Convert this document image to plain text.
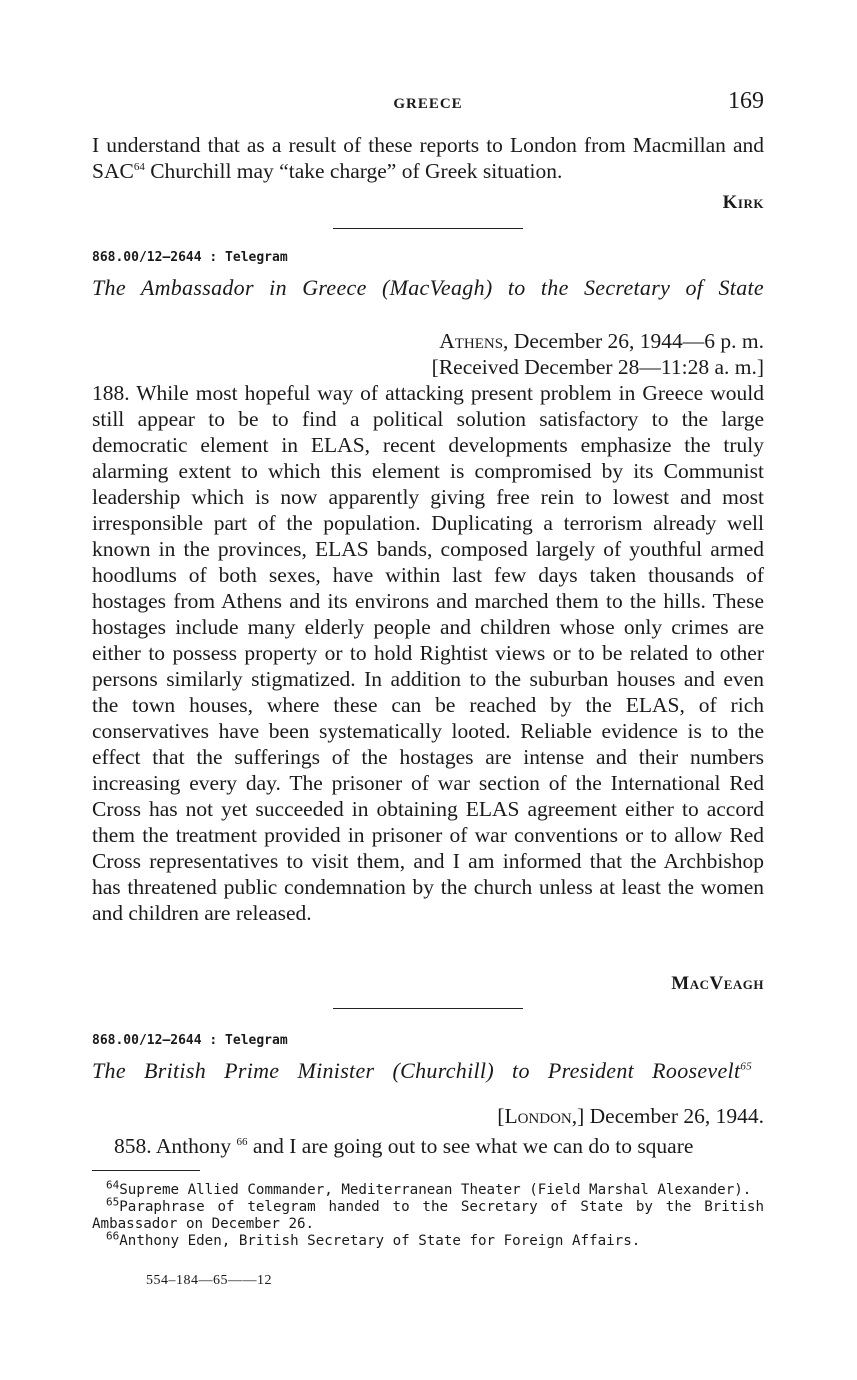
GREECE	169

I understand that as a result of these reports to London from Macmillan and SAC$^{64}$ Churchill may “take charge” of Greek situation.

Kirk
868.00/12–2644 : Telegram
The Ambassador in Greece (MacVeagh) to the Secretary of State
Athens, December 26, 1944—6 p. m.
[Received December 28—11:28 a. m.]

188. While most hopeful way of attacking present problem in Greece would still appear to be to find a political solution satisfactory to the large democratic element in ELAS, recent developments emphasize the truly alarming extent to which this element is compromised by its Communist leadership which is now apparently giving free rein to lowest and most irresponsible part of the population. Duplicating a terrorism already well known in the provinces, ELAS bands, composed largely of youthful armed hoodlums of both sexes, have within last few days taken thousands of hostages from Athens and its environs and marched them to the hills. These hostages include many elderly people and children whose only crimes are either to possess property or to hold Rightist views or to be related to other persons similarly stigmatized. In addition to the suburban houses and even the town houses, where these can be reached by the ELAS, of rich conservatives have been systematically looted. Reliable evidence is to the effect that the sufferings of the hostages are intense and their numbers increasing every day. The prisoner of war section of the International Red Cross has not yet succeeded in obtaining ELAS agreement either to accord them the treatment provided in prisoner of war conventions or to allow Red Cross representatives to visit them, and I am informed that the Archbishop has threatened public condemnation by the church unless at least the women and children are released.

MacVeagh
868.00/12–2644 : Telegram
The British Prime Minister (Churchill) to President Roosevelt$^{65}$
[London,] December 26, 1944.

858. Anthony $^{66}$ and I are going out to see what we can do to square

$^{64}$Supreme Allied Commander, Mediterranean Theater (Field Marshal Alexander).

$^{65}$Paraphrase of telegram handed to the Secretary of State by the British Ambassador on December 26.

$^{66}$Anthony Eden, British Secretary of State for Foreign Affairs.

554–184—65——12
